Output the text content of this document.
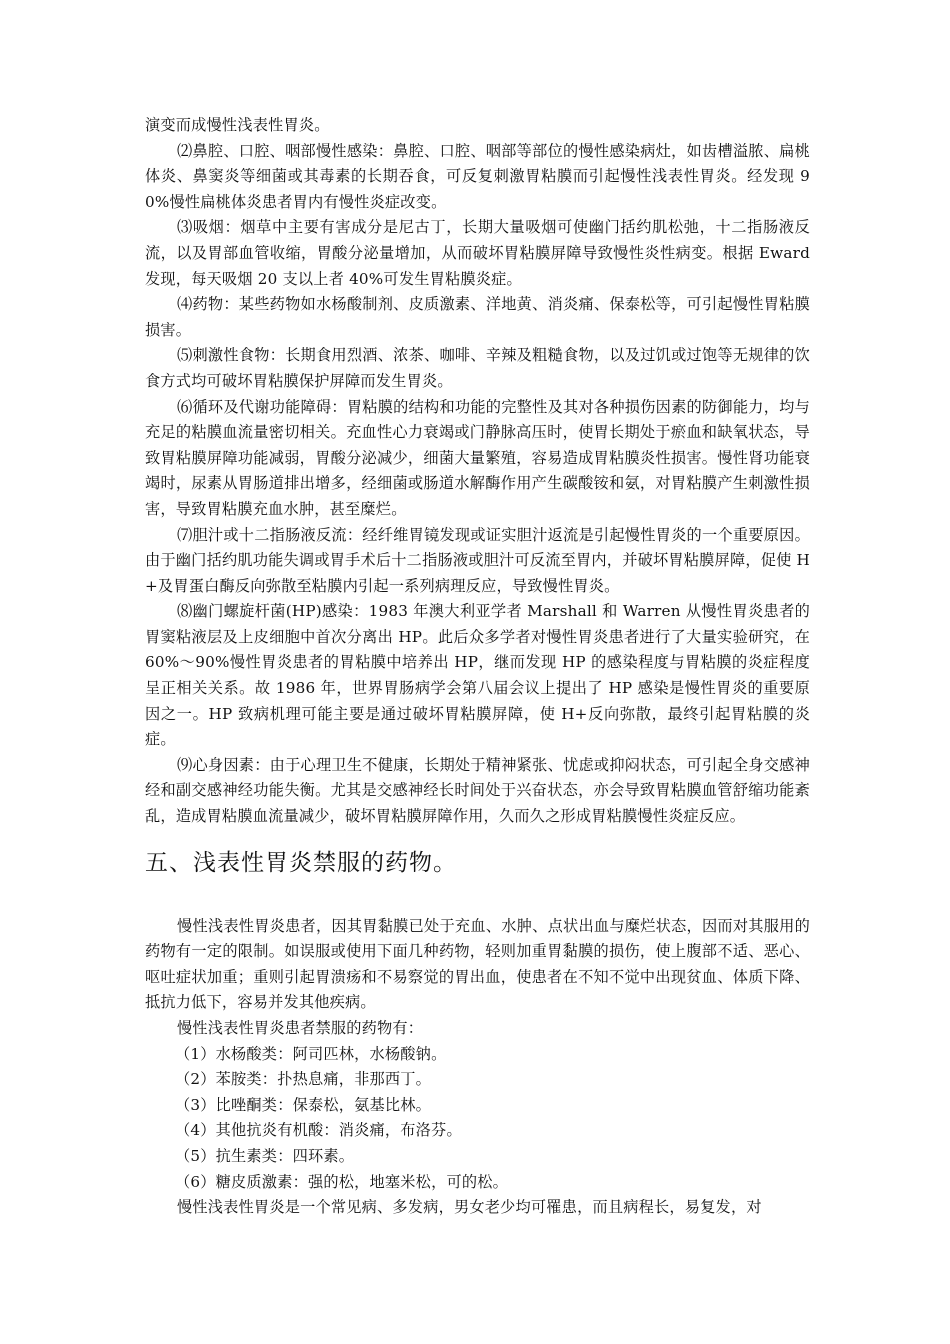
演变而成慢性浅表性胃炎。

⑵鼻腔、口腔、咽部慢性感染：鼻腔、口腔、咽部等部位的慢性感染病灶，如齿槽溢脓、扁桃体炎、鼻窦炎等细菌或其毒素的长期吞食，可反复刺激胃粘膜而引起慢性浅表性胃炎。经发现 90%慢性扁桃体炎患者胃内有慢性炎症改变。

⑶吸烟：烟草中主要有害成分是尼古丁，长期大量吸烟可使幽门括约肌松弛，十二指肠液反流，以及胃部血管收缩，胃酸分泌量增加，从而破坏胃粘膜屏障导致慢性炎性病变。根据 Eward 发现，每天吸烟 20 支以上者 40%可发生胃粘膜炎症。

⑷药物：某些药物如水杨酸制剂、皮质激素、洋地黄、消炎痛、保泰松等，可引起慢性胃粘膜损害。

⑸刺激性食物：长期食用烈酒、浓茶、咖啡、辛辣及粗糙食物，以及过饥或过饱等无规律的饮食方式均可破坏胃粘膜保护屏障而发生胃炎。

⑹循环及代谢功能障碍：胃粘膜的结构和功能的完整性及其对各种损伤因素的防御能力，均与充足的粘膜血流量密切相关。充血性心力衰竭或门静脉高压时，使胃长期处于瘀血和缺氧状态，导致胃粘膜屏障功能减弱，胃酸分泌减少，细菌大量繁殖，容易造成胃粘膜炎性损害。慢性肾功能衰竭时，尿素从胃肠道排出增多，经细菌或肠道水解酶作用产生碳酸铵和氨，对胃粘膜产生刺激性损害，导致胃粘膜充血水肿，甚至糜烂。

⑺胆汁或十二指肠液反流：经纤维胃镜发现或证实胆汁返流是引起慢性胃炎的一个重要原因。由于幽门括约肌功能失调或胃手术后十二指肠液或胆汁可反流至胃内，并破坏胃粘膜屏障，促使 H　+及胃蛋白酶反向弥散至粘膜内引起一系列病理反应，导致慢性胃炎。

⑻幽门螺旋杆菌(HP)感染：1983 年澳大利亚学者 Marshall 和 Warren 从慢性胃炎患者的胃窦粘液层及上皮细胞中首次分离出 HP。此后众多学者对慢性胃炎患者进行了大量实验研究，在 60%～90%慢性胃炎患者的胃粘膜中培养出 HP，继而发现 HP 的感染程度与胃粘膜的炎症程度呈正相关关系。故 1986 年，世界胃肠病学会第八届会议上提出了 HP 感染是慢性胃炎的重要原因之一。HP 致病机理可能主要是通过破坏胃粘膜屏障，使 H+反向弥散，最终引起胃粘膜的炎症。

⑼心身因素：由于心理卫生不健康，长期处于精神紧张、忧虑或抑闷状态，可引起全身交感神经和副交感神经功能失衡。尤其是交感神经长时间处于兴奋状态，亦会导致胃粘膜血管舒缩功能紊乱，造成胃粘膜血流量减少，破坏胃粘膜屏障作用，久而久之形成胃粘膜慢性炎症反应。

五、浅表性胃炎禁服的药物。

慢性浅表性胃炎患者，因其胃黏膜已处于充血、水肿、点状出血与糜烂状态，因而对其服用的药物有一定的限制。如误服或使用下面几种药物，轻则加重胃黏膜的损伤，使上腹部不适、恶心、呕吐症状加重；重则引起胃溃疡和不易察觉的胃出血，使患者在不知不觉中出现贫血、体质下降、抵抗力低下，容易并发其他疾病。

慢性浅表性胃炎患者禁服的药物有：

（1）水杨酸类：阿司匹林，水杨酸钠。

（2）苯胺类：扑热息痛，非那西丁。

（3）比唑酮类：保泰松，氨基比林。

（4）其他抗炎有机酸：消炎痛，布洛芬。

（5）抗生素类：四环素。

（6）糖皮质激素：强的松，地塞米松，可的松。

慢性浅表性胃炎是一个常见病、多发病，男女老少均可罹患，而且病程长，易复发，对
